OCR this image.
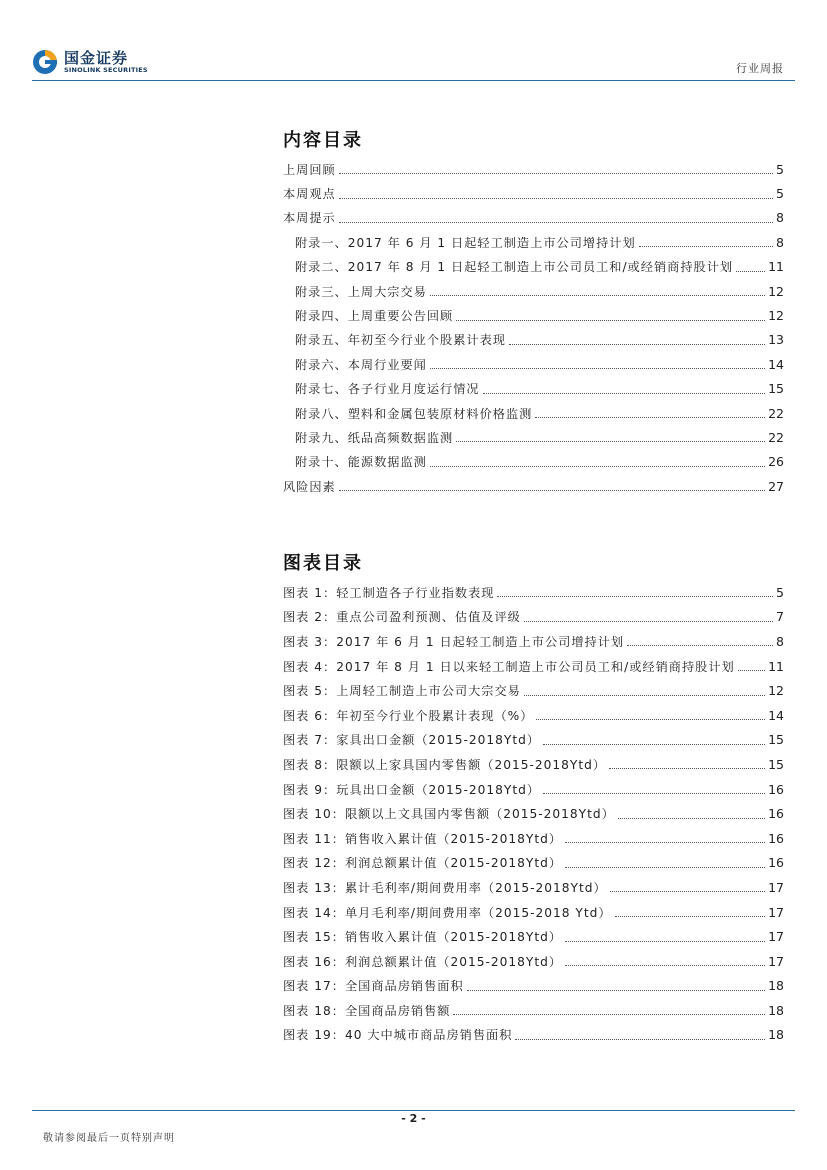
国金证券
SINOLINK SECURITIES	行业周报
内容目录
上周回顾	5
本周观点	5
本周提示	8
附录一、2017 年 6 月 1 日起轻工制造上市公司增持计划	8
附录二、2017 年 8 月 1 日起轻工制造上市公司员工和/或经销商持股计划	11
附录三、上周大宗交易	12
附录四、上周重要公告回顾	12
附录五、年初至今行业个股累计表现	13
附录六、本周行业要闻	14
附录七、各子行业月度运行情况	15
附录八、塑料和金属包装原材料价格监测	22
附录九、纸品高频数据监测	22
附录十、能源数据监测	26
风险因素	27
图表目录
图表 1：轻工制造各子行业指数表现	5
图表 2：重点公司盈利预测、估值及评级	7
图表 3：2017 年 6 月 1 日起轻工制造上市公司增持计划	8
图表 4：2017 年 8 月 1 日以来轻工制造上市公司员工和/或经销商持股计划	11
图表 5：上周轻工制造上市公司大宗交易	12
图表 6：年初至今行业个股累计表现（%）	14
图表 7：家具出口金额（2015-2018Ytd）	15
图表 8：限额以上家具国内零售额（2015-2018Ytd）	15
图表 9：玩具出口金额（2015-2018Ytd）	16
图表 10：限额以上文具国内零售额（2015-2018Ytd）	16
图表 11：销售收入累计值（2015-2018Ytd）	16
图表 12：利润总额累计值（2015-2018Ytd）	16
图表 13：累计毛利率/期间费用率（2015-2018Ytd）	17
图表 14：单月毛利率/期间费用率（2015-2018 Ytd）	17
图表 15：销售收入累计值（2015-2018Ytd）	17
图表 16：利润总额累计值（2015-2018Ytd）	17
图表 17：全国商品房销售面积	18
图表 18：全国商品房销售额	18
图表 19：40 大中城市商品房销售面积	18
- 2 -
敬请参阅最后一页特别声明
